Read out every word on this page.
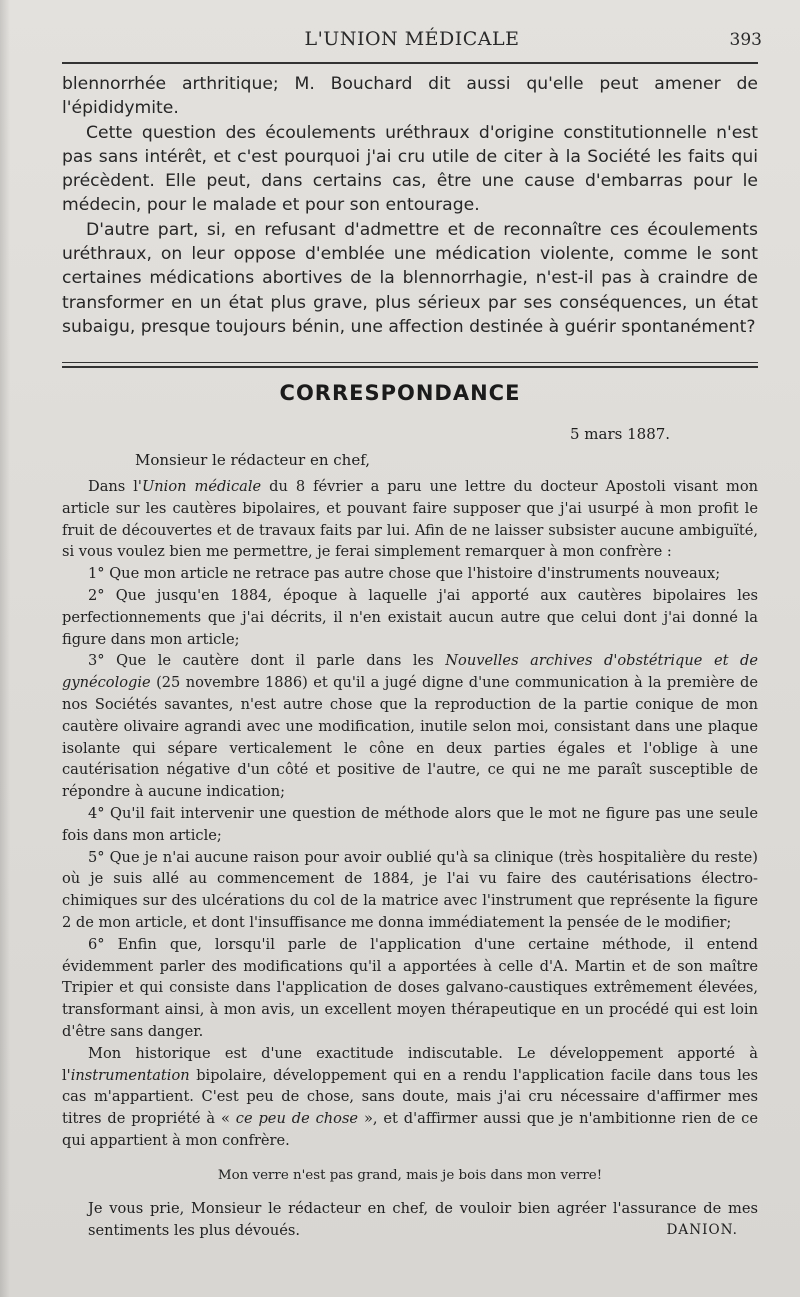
L'UNION MÉDICALE	393

blennorrhée arthritique; M. Bouchard dit aussi qu'elle peut amener de l'épididymite.

Cette question des écoulements uréthraux d'origine constitutionnelle n'est pas sans intérêt, et c'est pourquoi j'ai cru utile de citer à la Société les faits qui précèdent. Elle peut, dans certains cas, être une cause d'embarras pour le médecin, pour le malade et pour son entourage.

D'autre part, si, en refusant d'admettre et de reconnaître ces écoulements uréthraux, on leur oppose d'emblée une médication violente, comme le sont certaines médications abortives de la blennorrhagie, n'est-il pas à craindre de transformer en un état plus grave, plus sérieux par ses conséquences, un état subaigu, presque toujours bénin, une affection destinée à guérir spontanément?

CORRESPONDANCE
5 mars 1887.
Monsieur le rédacteur en chef,

Dans l'Union médicale du 8 février a paru une lettre du docteur Apostoli visant mon article sur les cautères bipolaires, et pouvant faire supposer que j'ai usurpé à mon profit le fruit de découvertes et de travaux faits par lui. Afin de ne laisser subsister aucune ambiguïté, si vous voulez bien me permettre, je ferai simplement remarquer à mon confrère :

1° Que mon article ne retrace pas autre chose que l'histoire d'instruments nouveaux;

2° Que jusqu'en 1884, époque à laquelle j'ai apporté aux cautères bipolaires les perfectionnements que j'ai décrits, il n'en existait aucun autre que celui dont j'ai donné la figure dans mon article;

3° Que le cautère dont il parle dans les Nouvelles archives d'obstétrique et de gynécologie (25 novembre 1886) et qu'il a jugé digne d'une communication à la première de nos Sociétés savantes, n'est autre chose que la reproduction de la partie conique de mon cautère olivaire agrandi avec une modification, inutile selon moi, consistant dans une plaque isolante qui sépare verticalement le cône en deux parties égales et l'oblige à une cautérisation négative d'un côté et positive de l'autre, ce qui ne me paraît susceptible de répondre à aucune indication;

4° Qu'il fait intervenir une question de méthode alors que le mot ne figure pas une seule fois dans mon article;

5° Que je n'ai aucune raison pour avoir oublié qu'à sa clinique (très hospitalière du reste) où je suis allé au commencement de 1884, je l'ai vu faire des cautérisations électro-chimiques sur des ulcérations du col de la matrice avec l'instrument que représente la figure 2 de mon article, et dont l'insuffisance me donna immédiatement la pensée de le modifier;

6° Enfin que, lorsqu'il parle de l'application d'une certaine méthode, il entend évidemment parler des modifications qu'il a apportées à celle d'A. Martin et de son maître Tripier et qui consiste dans l'application de doses galvano-caustiques extrêmement élevées, transformant ainsi, à mon avis, un excellent moyen thérapeutique en un procédé qui est loin d'être sans danger.

Mon historique est d'une exactitude indiscutable. Le développement apporté à l'instrumentation bipolaire, développement qui en a rendu l'application facile dans tous les cas m'appartient. C'est peu de chose, sans doute, mais j'ai cru nécessaire d'affirmer mes titres de propriété à « ce peu de chose », et d'affirmer aussi que je n'ambitionne rien de ce qui appartient à mon confrère.

Mon verre n'est pas grand, mais je bois dans mon verre!

Je vous prie, Monsieur le rédacteur en chef, de vouloir bien agréer l'assurance de mes sentiments les plus dévoués.	DANION.
